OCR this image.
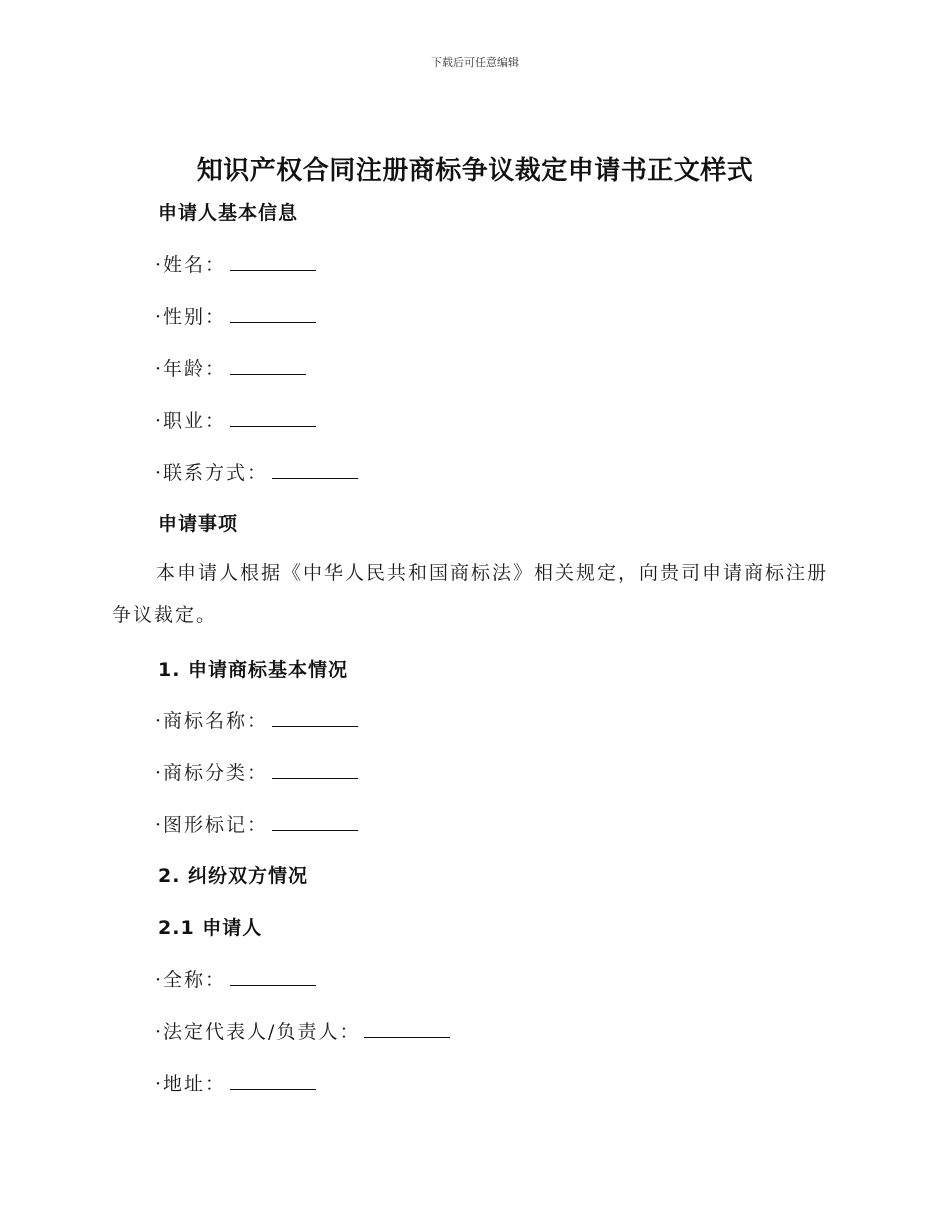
下载后可任意编辑
知识产权合同注册商标争议裁定申请书正文样式
申请人基本信息
·姓名：
·性别：
·年龄：
·职业：
·联系方式：
申请事项
本申请人根据《中华人民共和国商标法》相关规定，向贵司申请商标注册争议裁定。
1. 申请商标基本情况
·商标名称：
·商标分类：
·图形标记：
2. 纠纷双方情况
2.1 申请人
·全称：
·法定代表人/负责人：
·地址：
